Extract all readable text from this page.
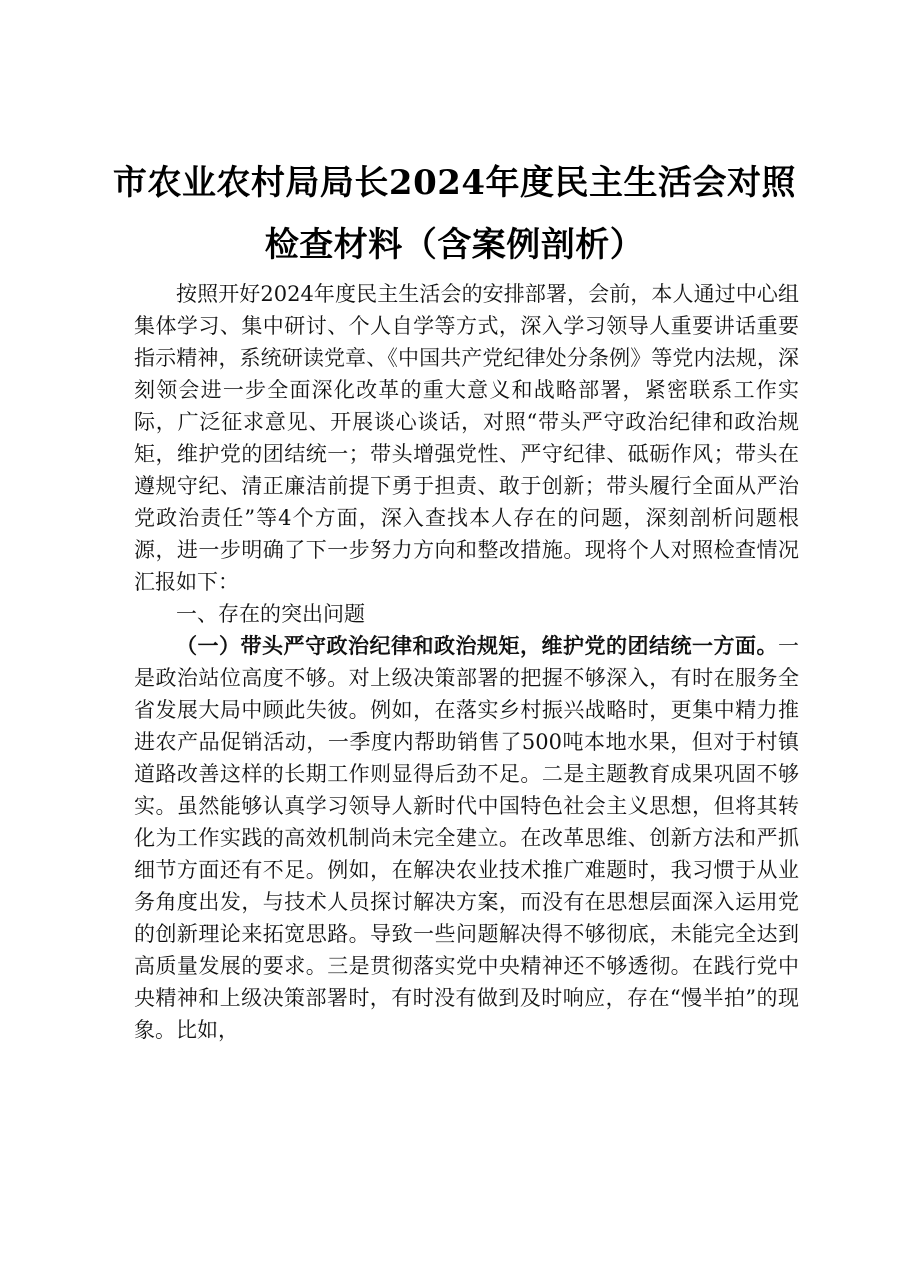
市农业农村局局长2024年度民主生活会对照
检查材料（含案例剖析）

按照开好2024年度民主生活会的安排部署，会前，本人通过中心组集体学习、集中研讨、个人自学等方式，深入学习领导人重要讲话重要指示精神，系统研读党章、《中国共产党纪律处分条例》等党内法规，深刻领会进一步全面深化改革的重大意义和战略部署，紧密联系工作实际，广泛征求意见、开展谈心谈话，对照“带头严守政治纪律和政治规矩，维护党的团结统一；带头增强党性、严守纪律、砥砺作风；带头在遵规守纪、清正廉洁前提下勇于担责、敢于创新；带头履行全面从严治党政治责任”等4个方面，深入查找本人存在的问题，深刻剖析问题根源，进一步明确了下一步努力方向和整改措施。现将个人对照检查情况汇报如下：

一、存在的突出问题

（一）带头严守政治纪律和政治规矩，维护党的团结统一方面。一是政治站位高度不够。对上级决策部署的把握不够深入，有时在服务全省发展大局中顾此失彼。例如，在落实乡村振兴战略时，更集中精力推进农产品促销活动，一季度内帮助销售了500吨本地水果，但对于村镇道路改善这样的长期工作则显得后劲不足。二是主题教育成果巩固不够实。虽然能够认真学习领导人新时代中国特色社会主义思想，但将其转化为工作实践的高效机制尚未完全建立。在改革思维、创新方法和严抓细节方面还有不足。例如，在解决农业技术推广难题时，我习惯于从业务角度出发，与技术人员探讨解决方案，而没有在思想层面深入运用党的创新理论来拓宽思路。导致一些问题解决得不够彻底，未能完全达到高质量发展的要求。三是贯彻落实党中央精神还不够透彻。在践行党中央精神和上级决策部署时，有时没有做到及时响应，存在“慢半拍”的现象。比如，
